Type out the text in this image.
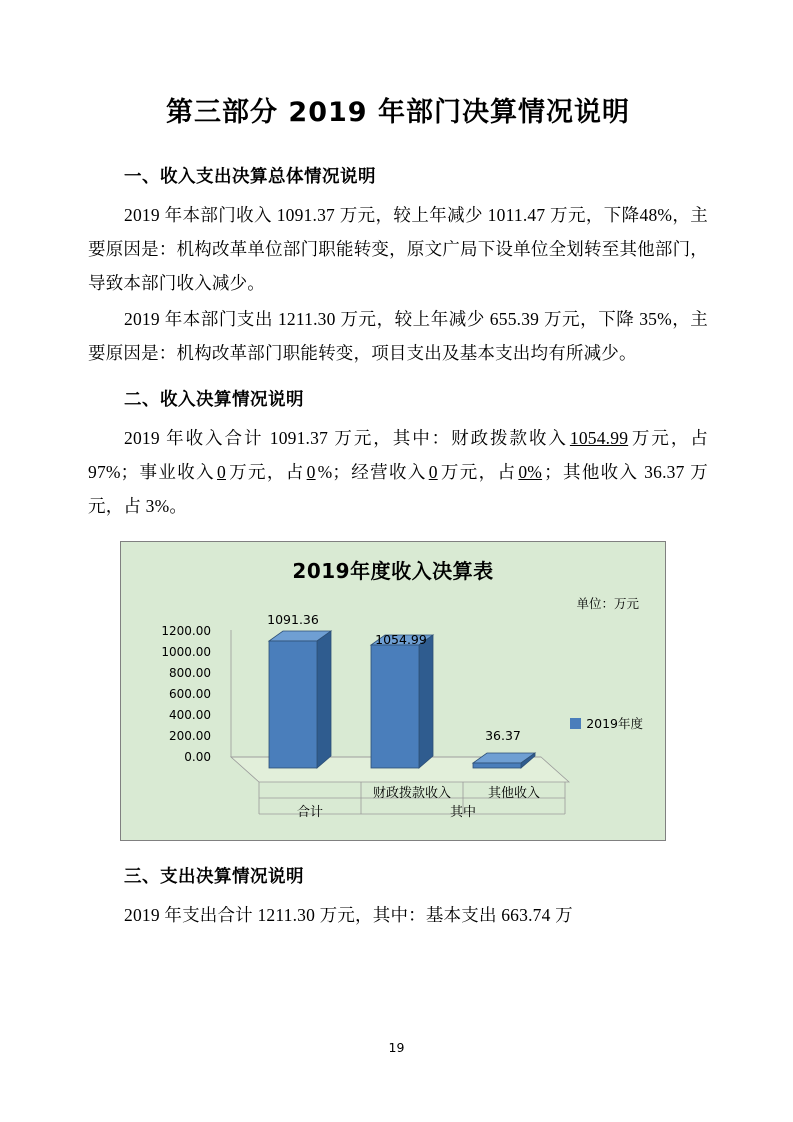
第三部分 2019 年部门决算情况说明
一、收入支出决算总体情况说明

2019 年本部门收入 1091.37 万元，较上年减少 1011.47 万元，下降48%，主要原因是：机构改革单位部门职能转变，原文广局下设单位全划转至其他部门，导致本部门收入减少。

2019 年本部门支出 1211.30 万元，较上年减少 655.39 万元，下降 35%，主要原因是：机构改革部门职能转变，项目支出及基本支出均有所减少。

二、收入决算情况说明

2019 年收入合计 1091.37 万元，其中：财政拨款收入 1054.99 万元，占 97%；事业收入 0 万元，占 0 %；经营收入 0 万元，占 0% ；其他收入 36.37 万元，占 3%。

2019年度收入决算表
单位：万元
1200.00
1000.00
800.00
600.00
400.00
200.00
0.00
1091.36
1054.99
36.37
合计
财政拨款收入	其他收入
其中
2019年度
三、支出决算情况说明

2019 年支出合计 1211.30 万元，其中：基本支出 663.74 万

19
